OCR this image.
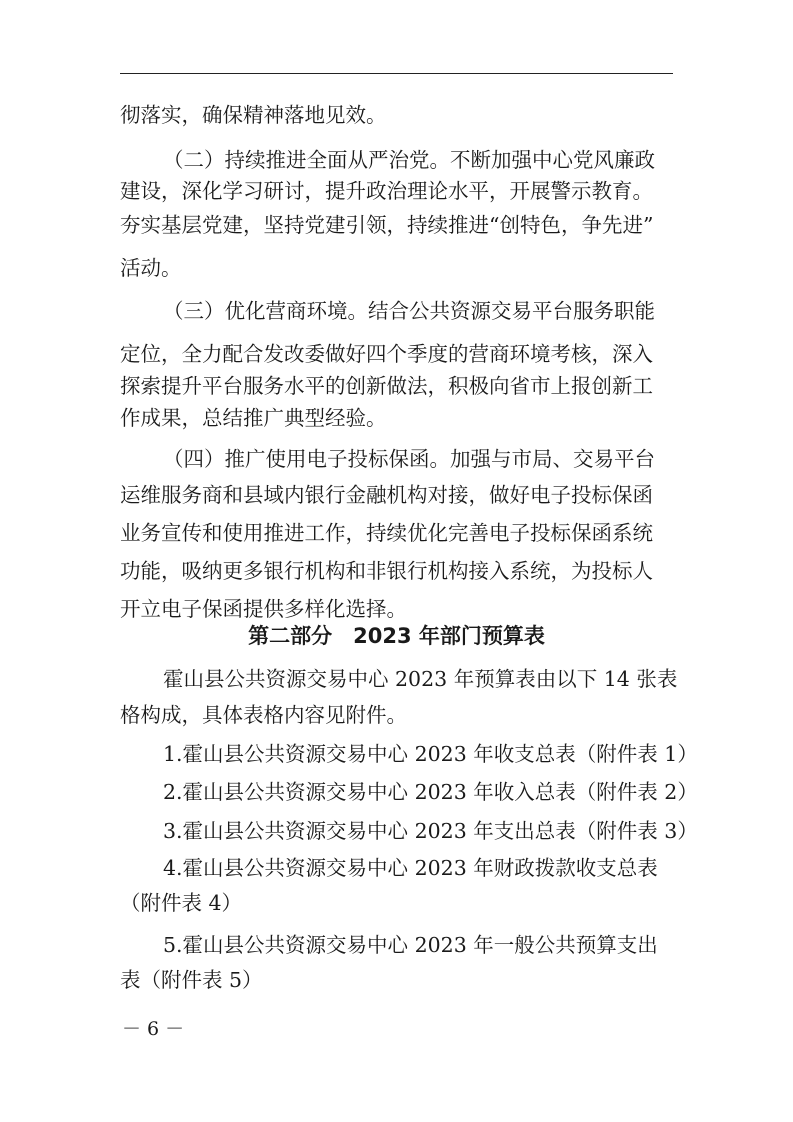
彻落实，确保精神落地见效。

（二）持续推进全面从严治党。不断加强中心党风廉政

建设，深化学习研讨，提升政治理论水平，开展警示教育。

夯实基层党建，坚持党建引领，持续推进“创特色，争先进”

活动。

（三）优化营商环境。结合公共资源交易平台服务职能

定位，全力配合发改委做好四个季度的营商环境考核，深入

探索提升平台服务水平的创新做法，积极向省市上报创新工

作成果，总结推广典型经验。

（四）推广使用电子投标保函。加强与市局、交易平台

运维服务商和县域内银行金融机构对接，做好电子投标保函

业务宣传和使用推进工作，持续优化完善电子投标保函系统

功能，吸纳更多银行机构和非银行机构接入系统，为投标人

开立电子保函提供多样化选择。

第二部分　2023 年部门预算表

霍山县公共资源交易中心 2023 年预算表由以下 14 张表

格构成，具体表格内容见附件。

1.霍山县公共资源交易中心 2023 年收支总表（附件表 1）

2.霍山县公共资源交易中心 2023 年收入总表（附件表 2）

3.霍山县公共资源交易中心 2023 年支出总表（附件表 3）

4.霍山县公共资源交易中心 2023 年财政拨款收支总表

（附件表 4）

5.霍山县公共资源交易中心 2023 年一般公共预算支出

表（附件表 5）

－ 6 －
